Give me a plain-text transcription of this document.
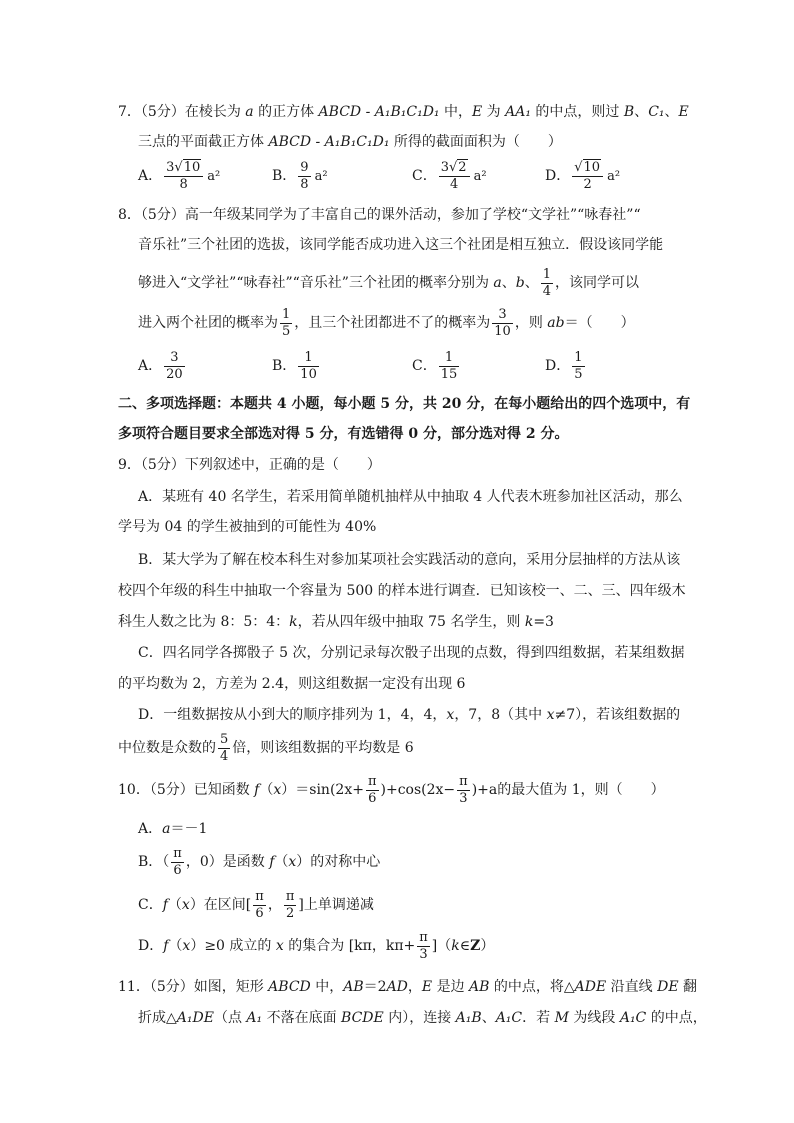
7．（5分）在棱长为 a 的正方体 ABCD - A₁B₁C₁D₁ 中，E 为 AA₁ 的中点，则过 B、C₁、E
三点的平面截正方体 ABCD - A₁B₁C₁D₁ 所得的截面面积为（　　）
A． $\frac{3√10}{8} a^2$	B． $\frac{9}{8} a^2$	C． $\frac{3√2}{4} a^2$	D． $\frac{√10}{2} a^2$
8．（5分）高一年级某同学为了丰富自己的课外活动，参加了学校“文学社”“咏春社”“
音乐社”三个社团的选拔，该同学能否成功进入这三个社团是相互独立．假设该同学能
够进入“文学社”“咏春社”“音乐社”三个社团的概率分别为 a、b、 $\frac{1}{4}$ ，该同学可以
进入两个社团的概率为 $\frac{1}{5}$ ，且三个社团都进不了的概率为 $\frac{3}{10}$ ，则 ab＝（　　）
A． $\frac{3}{20}$	B． $\frac{1}{10}$	C． $\frac{1}{15}$	D． $\frac{1}{5}$
二、多项选择题：本题共 4 小题，每小题 5 分，共 20 分，在每小题给出的四个选项中，有
多项符合题目要求全部选对得 5 分，有选错得 0 分，部分选对得 2 分。
9．（5分）下列叙述中，正确的是（　　）
A．某班有 40 名学生，若采用简单随机抽样从中抽取 4 人代表木班参加社区活动，那么
学号为 04 的学生被抽到的可能性为 40%
B．某大学为了解在校本科生对参加某项社会实践活动的意向，采用分层抽样的方法从该
校四个年级的科生中抽取一个容量为 500 的样本进行调查．已知该校一、二、三、四年级木
科生人数之比为 8：5：4：k，若从四年级中抽取 75 名学生，则 k=3
C．四名同学各掷骰子 5 次，分别记录每次骰子出现的点数，得到四组数据，若某组数据
的平均数为 2，方差为 2.4，则这组数据一定没有出现 6
D．一组数据按从小到大的顺序排列为 1，4，4，x，7，8（其中 x≠7），若该组数据的
中位数是众数的 $\frac{5}{4}$ 倍，则该组数据的平均数是 6
10．（5分）已知函数 $f(x)=\sin(2x+ \frac{\pi}{6} )+\cos(2x- \frac{\pi}{3} )+a$的最大值为 1，则（　　）
A．a＝－1
B．（ $\frac{\pi}{6}$ ，0）是函数 f（x）的对称中心
C．f（x）在区间[ $\frac{\pi}{6}$ ， $\frac{\pi}{2}$ ]上单调递减
D．f（x）≥0 成立的 x 的集合为 [kπ，$k\pi+ \frac{\pi}{3}$ ]（k∈Z）
11．（5分）如图，矩形 ABCD 中，AB＝2AD，E 是边 AB 的中点，将△ADE 沿直线 DE 翻
折成△A₁DE（点 A₁ 不落在底面 BCDE 内），连接 A₁B、A₁C．若 M 为线段 A₁C 的中点，
